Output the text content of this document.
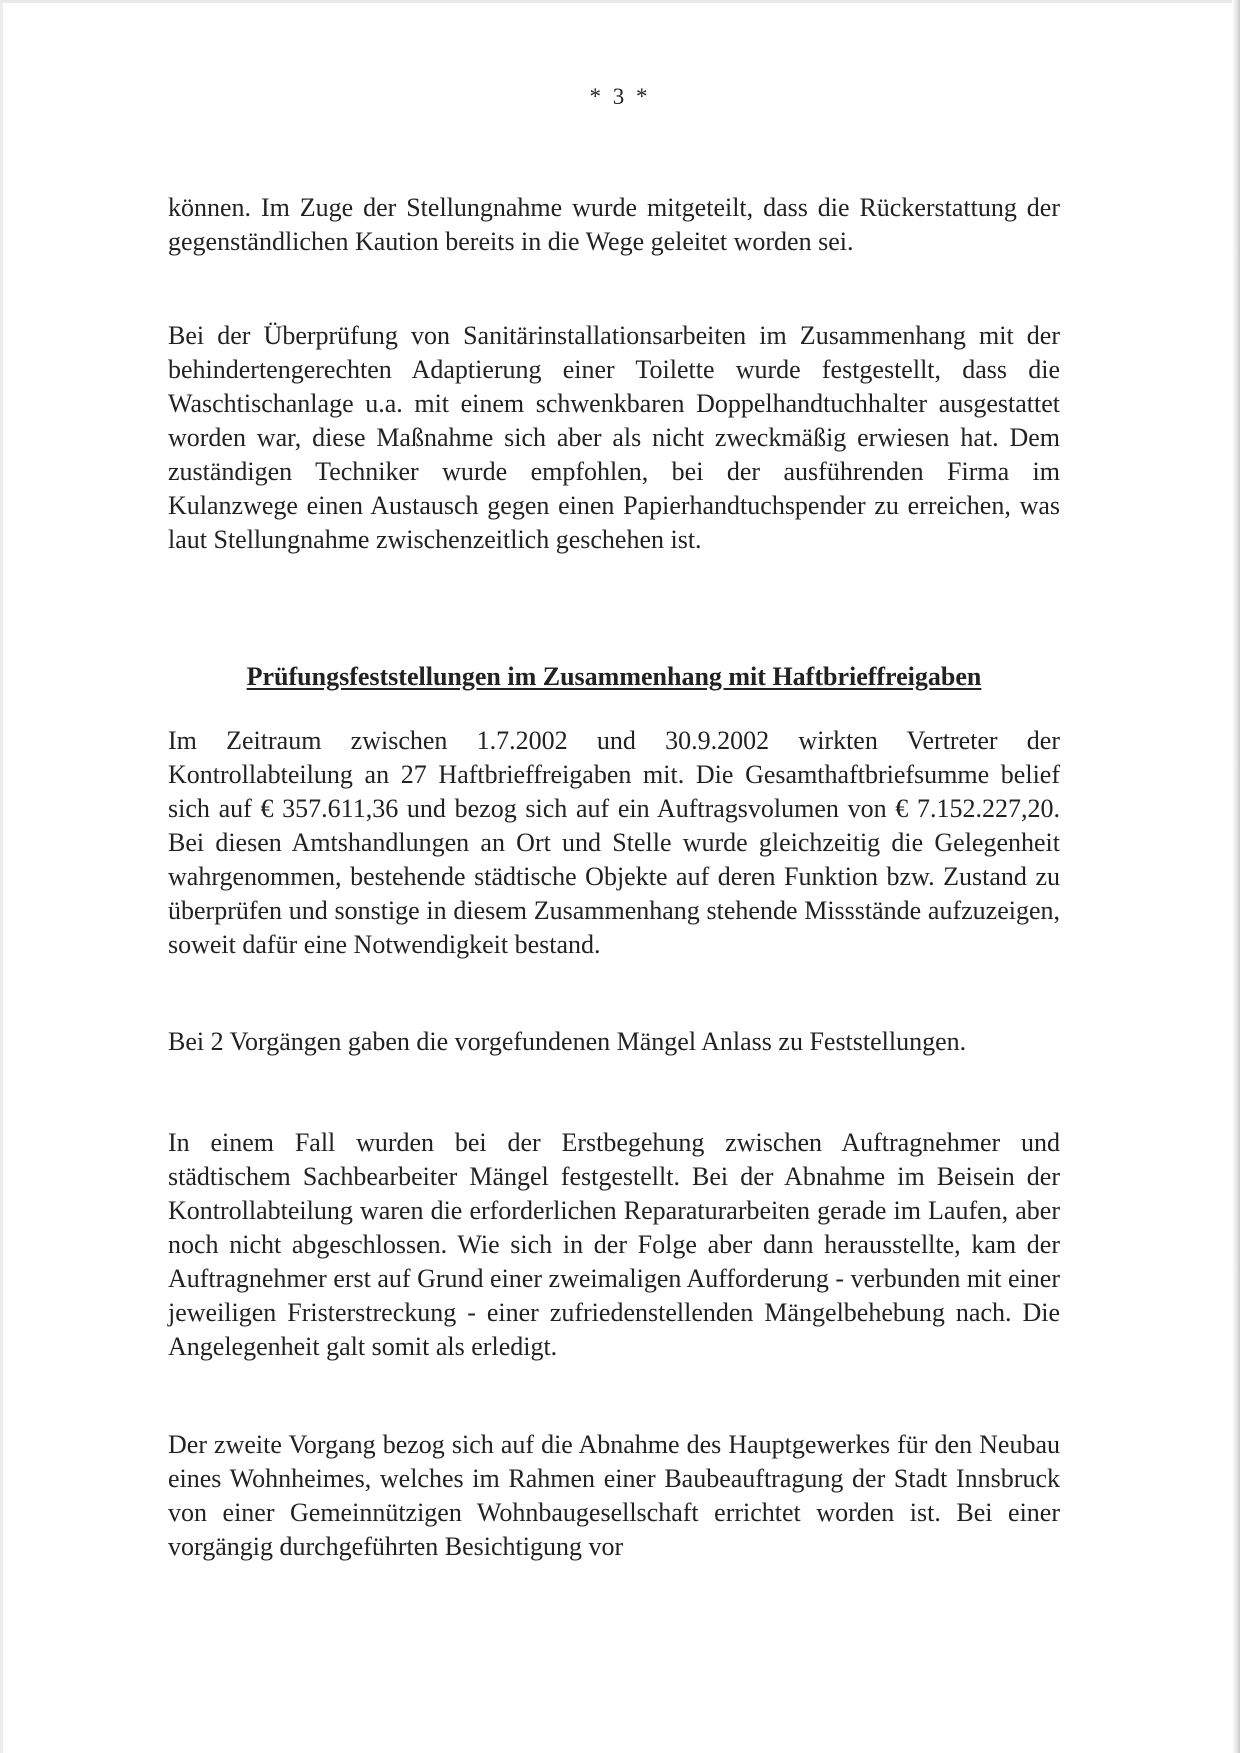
* 3 *

können. Im Zuge der Stellungnahme wurde mitgeteilt, dass die Rückerstattung der gegenständlichen Kaution bereits in die Wege geleitet worden sei.

Bei der Überprüfung von Sanitärinstallationsarbeiten im Zusammenhang mit der behindertengerechten Adaptierung einer Toilette wurde festgestellt, dass die Waschtischanlage u.a. mit einem schwenkbaren Doppelhandtuchhalter ausgestattet worden war, diese Maßnahme sich aber als nicht zweckmäßig erwiesen hat. Dem zuständigen Techniker wurde empfohlen, bei der ausführenden Firma im Kulanzwege einen Austausch gegen einen Papierhandtuchspender zu erreichen, was laut Stellungnahme zwischenzeitlich geschehen ist.

Prüfungsfeststellungen im Zusammenhang mit Haftbrieffreigaben

Im Zeitraum zwischen 1.7.2002 und 30.9.2002 wirkten Vertreter der Kontrollabteilung an 27 Haftbrieffreigaben mit. Die Gesamthaftbriefsumme belief sich auf € 357.611,36 und bezog sich auf ein Auftragsvolumen von € 7.152.227,20. Bei diesen Amtshandlungen an Ort und Stelle wurde gleichzeitig die Gelegenheit wahrgenommen, bestehende städtische Objekte auf deren Funktion bzw. Zustand zu überprüfen und sonstige in diesem Zusammenhang stehende Missstände aufzuzeigen, soweit dafür eine Notwendigkeit bestand.

Bei 2 Vorgängen gaben die vorgefundenen Mängel Anlass zu Feststellungen.

In einem Fall wurden bei der Erstbegehung zwischen Auftragnehmer und städtischem Sachbearbeiter Mängel festgestellt. Bei der Abnahme im Beisein der Kontrollabteilung waren die erforderlichen Reparaturarbeiten gerade im Laufen, aber noch nicht abgeschlossen. Wie sich in der Folge aber dann herausstellte, kam der Auftragnehmer erst auf Grund einer zweimaligen Aufforderung - verbunden mit einer jeweiligen Fristerstreckung - einer zufriedenstellenden Mängelbehebung nach. Die Angelegenheit galt somit als erledigt.

Der zweite Vorgang bezog sich auf die Abnahme des Hauptgewerkes für den Neubau eines Wohnheimes, welches im Rahmen einer Baubeauftragung der Stadt Innsbruck von einer Gemeinnützigen Wohnbaugesellschaft errichtet worden ist. Bei einer vorgängig durchgeführten Besichtigung vor
